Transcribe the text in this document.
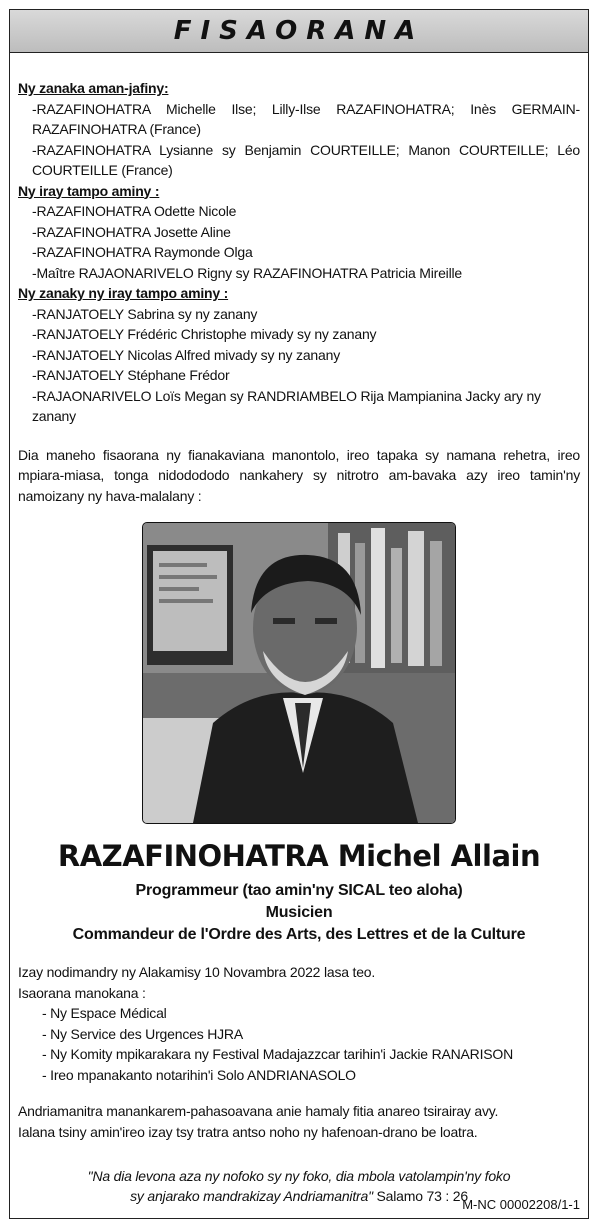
FISAORANA
Ny zanaka aman-jafiny:
-RAZAFINOHATRA Michelle Ilse; Lilly-Ilse RAZAFINOHATRA; Inès GERMAIN-RAZAFINOHATRA (France)
-RAZAFINOHATRA Lysianne sy Benjamin COURTEILLE; Manon COURTEILLE; Léo COURTEILLE (France)
Ny iray tampo aminy :
-RAZAFINOHATRA Odette Nicole
-RAZAFINOHATRA Josette Aline
-RAZAFINOHATRA Raymonde Olga
-Maître RAJAONARIVELO Rigny sy RAZAFINOHATRA Patricia Mireille
Ny zanaky ny iray tampo aminy :
-RANJATOELY Sabrina sy ny zanany
-RANJATOELY Frédéric Christophe mivady sy ny zanany
-RANJATOELY Nicolas Alfred mivady sy ny zanany
-RANJATOELY Stéphane Frédor
-RAJAONARIVELO Loïs Megan sy RANDRIAMBELO Rija Mampianina Jacky ary ny zanany
Dia maneho fisaorana ny fianakaviana manontolo, ireo tapaka sy namana rehetra, ireo mpiara-miasa, tonga nidodododo nankahery sy nitrotro am-bavaka azy ireo tamin'ny namoizany ny hava-malalany :
RAZAFINOHATRA Michel Allain
Programmeur (tao amin'ny SICAL teo aloha)
Musicien
Commandeur de l'Ordre des Arts, des Lettres et de la Culture
Izay nodimandry ny Alakamisy 10 Novambra 2022 lasa teo.
Isaorana manokana :
- Ny Espace Médical
- Ny Service des Urgences HJRA
- Ny Komity mpikarakara ny Festival Madajazzcar tarihin'i Jackie RANARISON
- Ireo mpanakanto notarihin'i Solo ANDRIANASOLO
Andriamanitra manankarem-pahasoavana anie hamaly fitia anareo tsirairay avy.
Ialana tsiny amin'ireo izay tsy tratra antso noho ny hafenoan-drano be loatra.
"Na dia levona aza ny nofoko sy ny foko, dia mbola vatolampin'ny foko
sy anjarako mandrakizay Andriamanitra" Salamo 73 : 26
M-NC 00002208/1-1
